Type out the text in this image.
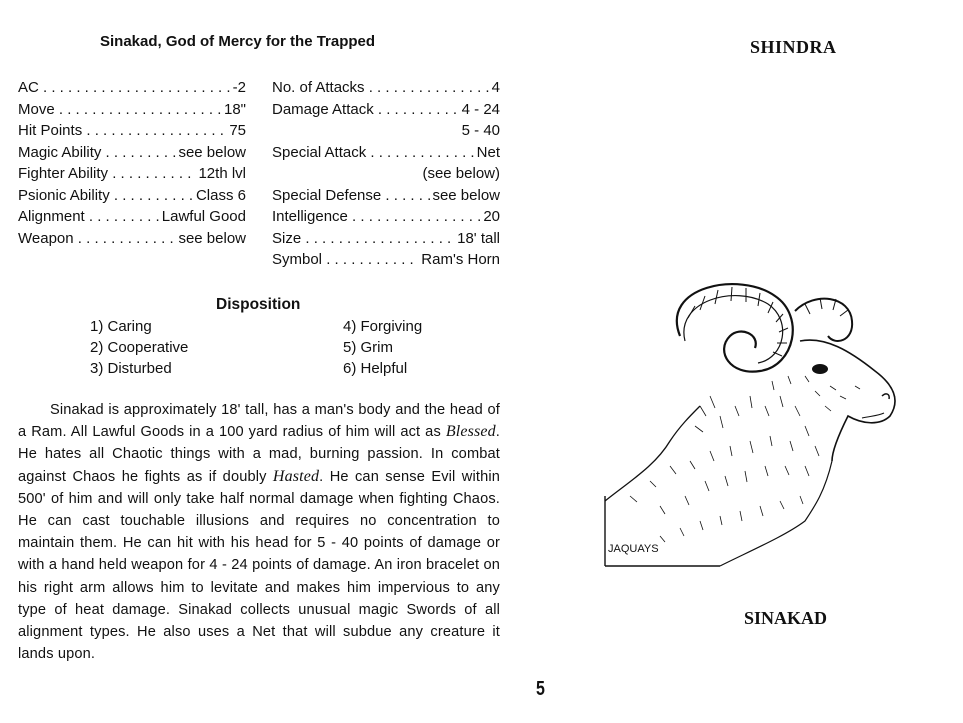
Sinakad, God of Mercy for the Trapped
AC . . .	-2
Move . . .	18"
Hit Points . . .	75
Magic Ability . . .	see below
Fighter Ability . . .	12th lvl
Psionic Ability . . .	Class 6
Alignment . . .	Lawful Good
Weapon . . .	see below
No. of Attacks . . .	4
Damage Attack . . .	4 - 24
5 - 40
Special Attack . . .	Net
(see below)
Special Defense . . .	see below
Intelligence . . .	20
Size . . .	18' tall
Symbol . . .	Ram's Horn
Disposition
1) Caring
2) Cooperative
3) Disturbed
4) Forgiving
5) Grim
6) Helpful

Sinakad is approximately 18' tall, has a man's body and the head of a Ram. All Lawful Goods in a 100 yard radius of him will act as Blessed. He hates all Chaotic things with a mad, burning passion. In combat against Chaos he fights as if doubly Hasted. He can sense Evil within 500' of him and will only take half normal damage when fighting Chaos. He can cast touchable illusions and requires no concentration to maintain them. He can hit with his head for 5 - 40 points of damage or with a hand held weapon for 4 - 24 points of damage. An iron bracelet on his right arm allows him to levitate and makes him impervious to any type of heat damage. Sinakad collects unusual magic Swords of all alignment types. He also uses a Net that will subdue any creature it lands upon.

5
SHINDRA
JAQUAYS
SINAKAD
